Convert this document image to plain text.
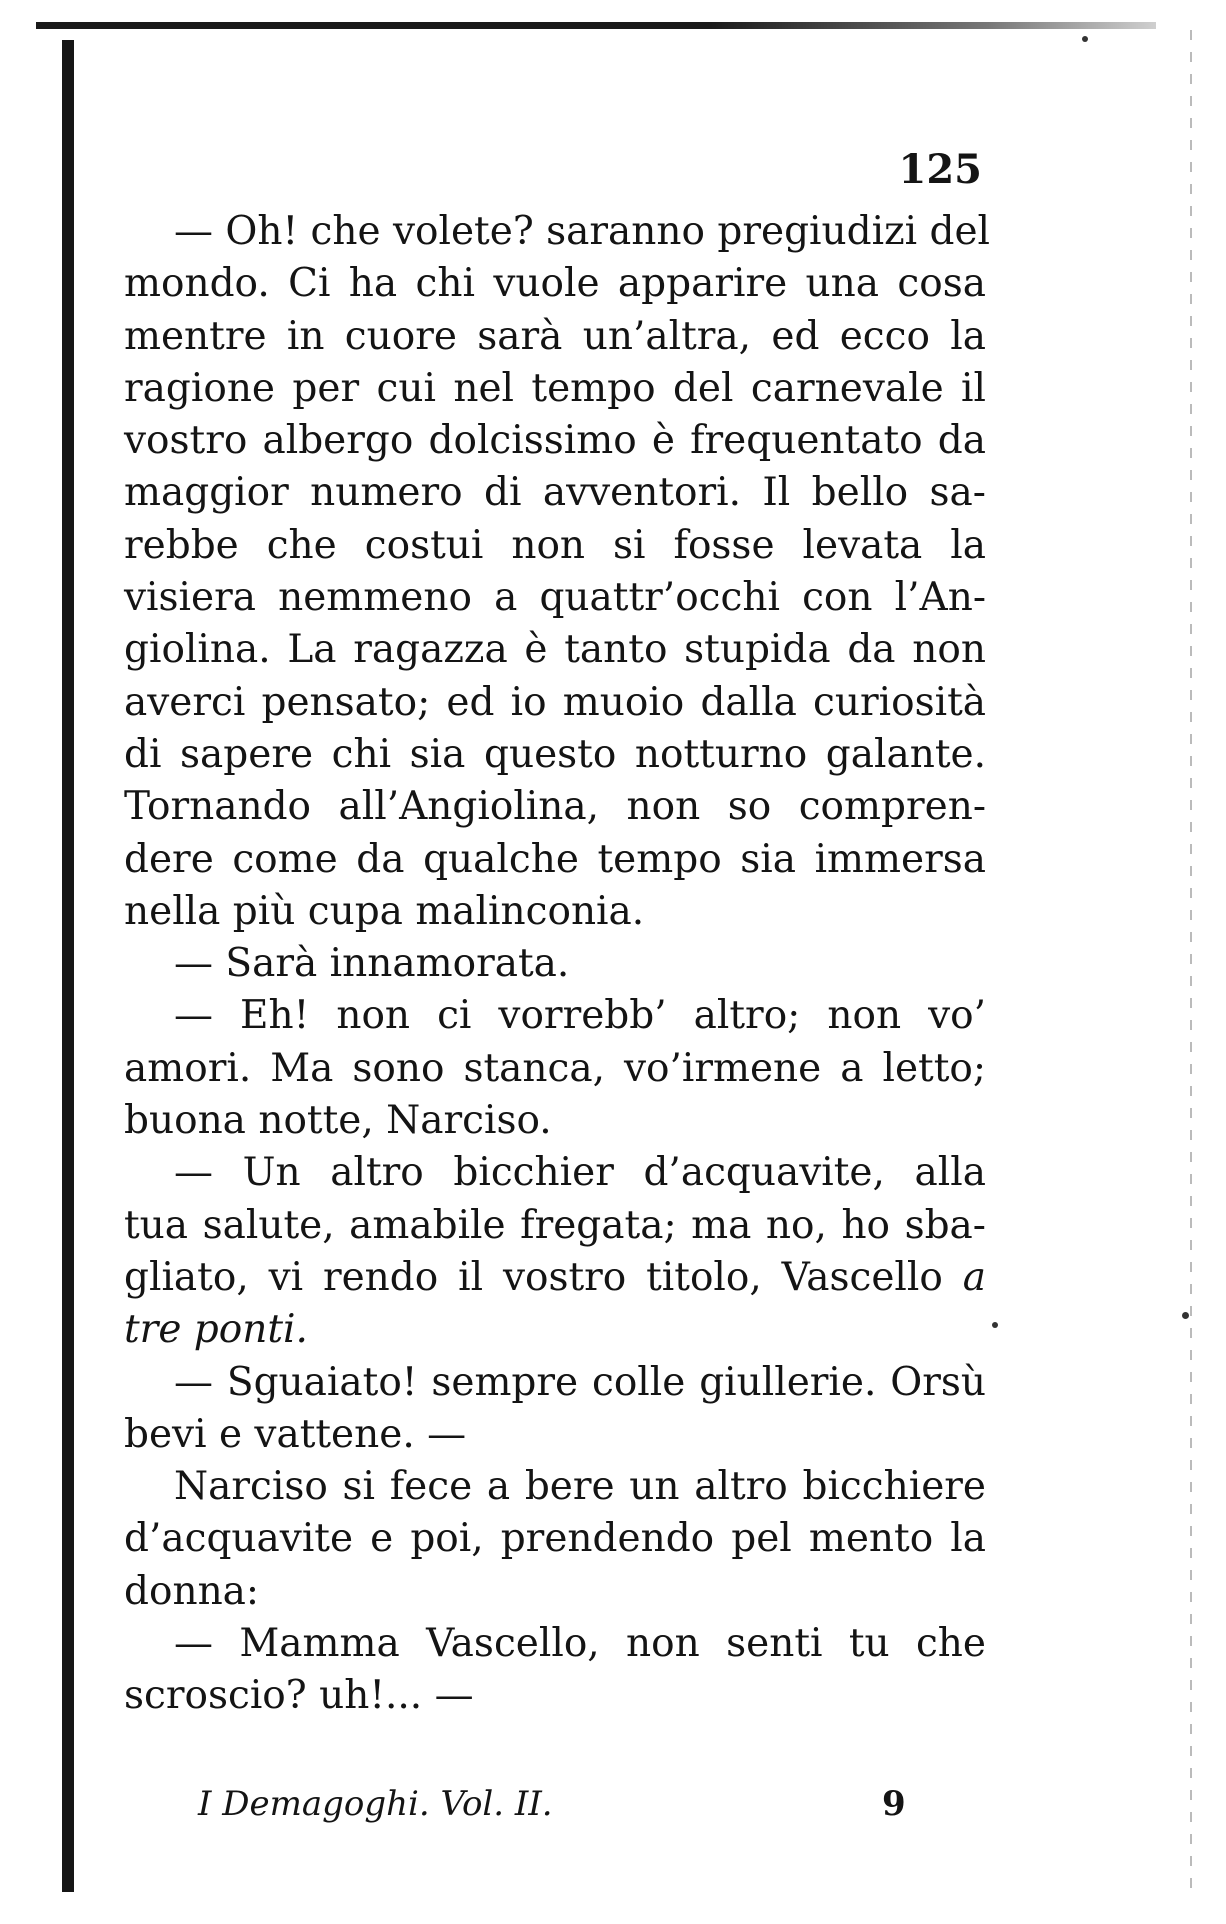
125
— Oh! che volete? saranno pregiudizi del
mondo. Ci ha chi vuole apparire una cosa
mentre in cuore sarà un’altra, ed ecco la
ragione per cui nel tempo del carnevale il
vostro albergo dolcissimo è frequentato da
maggior numero di avventori. Il bello sa-
rebbe che costui non si fosse levata la
visiera nemmeno a quattr’occhi con l’An-
giolina. La ragazza è tanto stupida da non
averci pensato; ed io muoio dalla curiosità
di sapere chi sia questo notturno galante.
Tornando all’Angiolina, non so compren-
dere come da qualche tempo sia immersa
nella più cupa malinconia.
— Sarà innamorata.
— Eh! non ci vorrebb’ altro; non vo’
amori. Ma sono stanca, vo’irmene a letto;
buona notte, Narciso.
— Un altro bicchier d’acquavite, alla
tua salute, amabile fregata; ma no, ho sba-
gliato, vi rendo il vostro titolo, Vascello a
tre ponti.
— Sguaiato! sempre colle giullerie. Orsù
bevi e vattene. —
Narciso si fece a bere un altro bicchiere
d’acquavite e poi, prendendo pel mento la
donna:
— Mamma Vascello, non senti tu che
scroscio? uh!... —
I Demagoghi. Vol. II.	9
